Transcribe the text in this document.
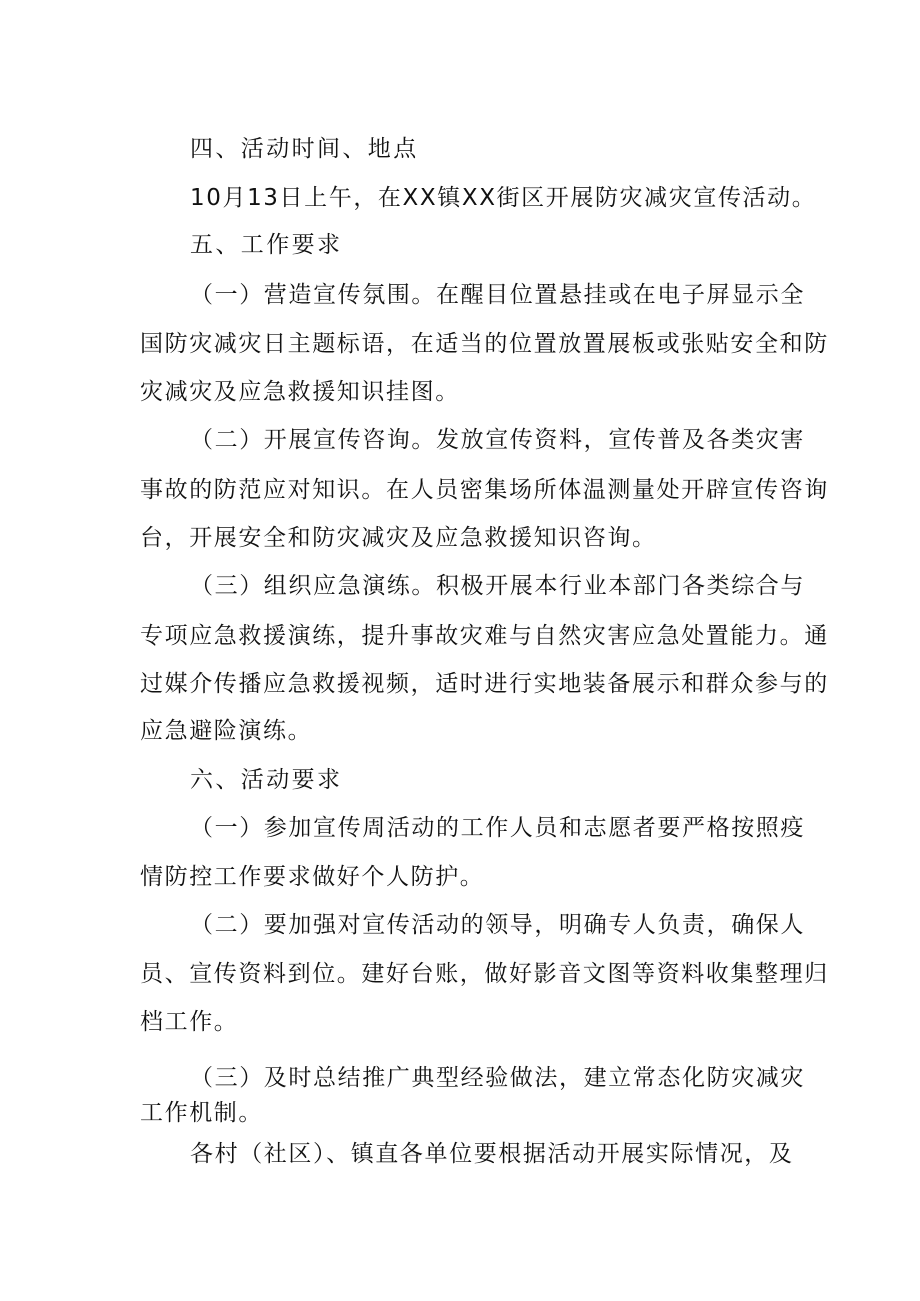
四、活动时间、地点
10月13日上午，在XX镇XX街区开展防灾减灾宣传活动。
五、工作要求
（一）营造宣传氛围。在醒目位置悬挂或在电子屏显示全
国防灾减灾日主题标语，在适当的位置放置展板或张贴安全和防
灾减灾及应急救援知识挂图。
（二）开展宣传咨询。发放宣传资料，宣传普及各类灾害
事故的防范应对知识。在人员密集场所体温测量处开辟宣传咨询
台，开展安全和防灾减灾及应急救援知识咨询。
（三）组织应急演练。积极开展本行业本部门各类综合与
专项应急救援演练，提升事故灾难与自然灾害应急处置能力。通
过媒介传播应急救援视频，适时进行实地装备展示和群众参与的
应急避险演练。
六、活动要求
（一）参加宣传周活动的工作人员和志愿者要严格按照疫
情防控工作要求做好个人防护。
（二）要加强对宣传活动的领导，明确专人负责，确保人
员、宣传资料到位。建好台账，做好影音文图等资料收集整理归
档工作。
（三）及时总结推广典型经验做法，建立常态化防灾减灾
工作机制。
各村（社区）、镇直各单位要根据活动开展实际情况，及
